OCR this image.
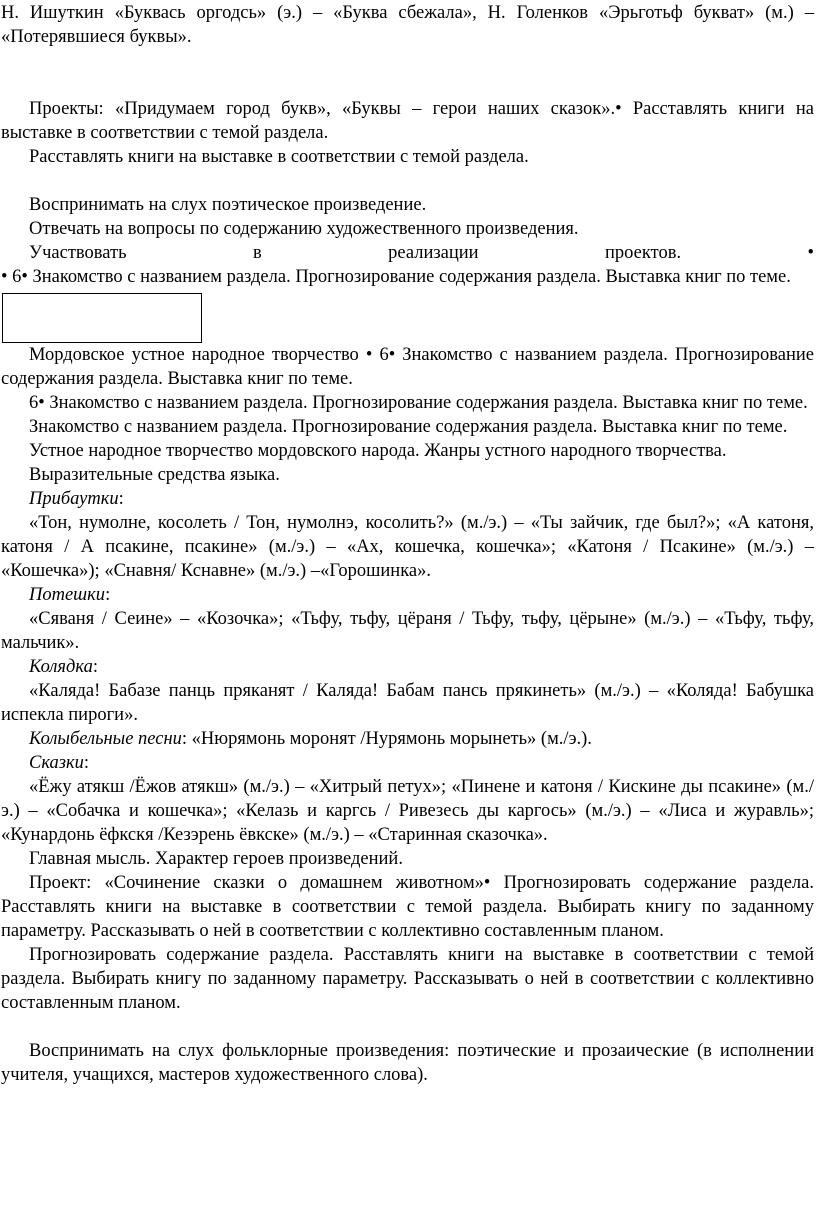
Н. Ишуткин «Буквась оргодсь» (э.) – «Буква сбежала», Н. Голенков «Эрьготьф букват» (м.) – «Потерявшиеся буквы».

Проекты: «Придумаем город букв», «Буквы – герои наших сказок».• Расставлять книги на выставке в соответствии с темой раздела.

Расставлять книги на выставке в соответствии с темой раздела.

Воспринимать на слух поэтическое произведение.

Отвечать на вопросы по содержанию художественного произведения.

Участвовать в реализации проектов. •

• 6• Знакомство с названием раздела. Прогнозирование содержания раздела. Выставка книг по теме.

Мордовское устное народное творчество • 6• Знакомство с названием раздела. Прогнозирование содержания раздела. Выставка книг по теме.

6• Знакомство с названием раздела. Прогнозирование содержания раздела. Выставка книг по теме.

Знакомство с названием раздела. Прогнозирование содержания раздела. Выставка книг по теме.

Устное народное творчество мордовского народа. Жанры устного народного творчества.

Выразительные средства языка.

Прибаутки:

«Тон, нумолне, косолеть / Тон, нумолнэ, косолить?» (м./э.) – «Ты зайчик, где был?»; «А катоня, катоня / А псакине, псакине» (м./э.) – «Ах, кошечка, кошечка»; «Катоня / Псакине» (м./э.) – «Кошечка»); «Снавня/ Кснавне» (м./э.) –«Горошинка».

Потешки:

«Сяваня / Сеине» – «Козочка»; «Тьфу, тьфу, цёраня / Тьфу, тьфу, цёрыне» (м./э.) – «Тьфу, тьфу, мальчик».

Колядка:

«Каляда! Бабазе панць пряканят / Каляда! Бабам пансь прякинеть» (м./э.) – «Коляда! Бабушка испекла пироги».

Колыбельные песни: «Нюрямонь моронят /Нурямонь морынеть» (м./э.).

Сказки:

«Ёжу атякш /Ёжов атякш» (м./э.) – «Хитрый петух»; «Пинене и катоня / Кискине ды псакине» (м./э.) – «Собачка и кошечка»; «Келазь и каргсь / Ривезесь ды каргось» (м./э.) – «Лиса и журавль»; «Кунардонь ёфкскя /Кезэрень ёвкске» (м./э.) – «Старинная сказочка».

Главная мысль. Характер героев произведений.

Проект: «Сочинение сказки о домашнем животном»• Прогнозировать содержание раздела. Расставлять книги на выставке в соответствии с темой раздела. Выбирать книгу по заданному параметру. Рассказывать о ней в соответствии с коллективно составленным планом.

Прогнозировать содержание раздела. Расставлять книги на выставке в соответствии с темой раздела. Выбирать книгу по заданному параметру. Рассказывать о ней в соответствии с коллективно составленным планом.

Воспринимать на слух фольклорные произведения: поэтические и прозаические (в исполнении учителя, учащихся, мастеров художественного слова).
